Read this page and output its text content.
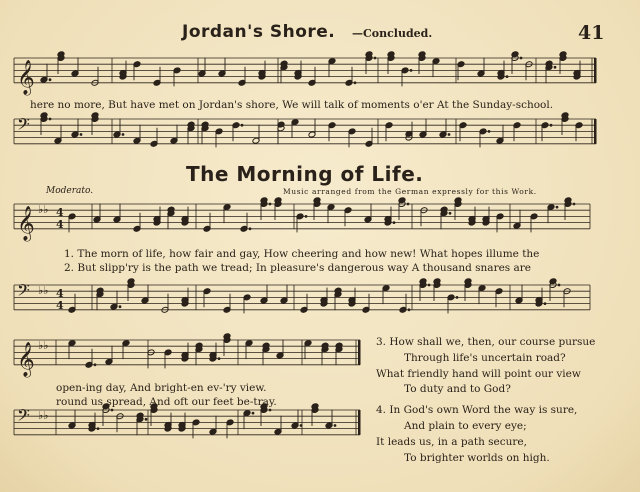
Jordan's Shore. —Concluded.	41
𝄞
𝄢
𝄞 ♭♭ 4
4
𝄢 ♭♭ 4
4
𝄞 ♭♭
𝄢 ♭♭
here no more, But have met on Jordan's shore, We will talk of moments o'er At the Sunday-school.
The Morning of Life.
Moderato.	Music arranged from the German expressly for this Work.
1. The morn of life, how fair and gay, How cheering and how new! What hopes illume the
2. But slipp'ry is the path we tread; In pleasure's dangerous way A thousand snares are
open-ing day, And bright-en ev-'ry view.
round us spread, And oft our feet be-tray.
3. How shall we, then, our course pursue
Through life's uncertain road?
What friendly hand will point our view
To duty and to God?
4. In God's own Word the way is sure,
And plain to every eye;
It leads us, in a path secure,
To brighter worlds on high.
